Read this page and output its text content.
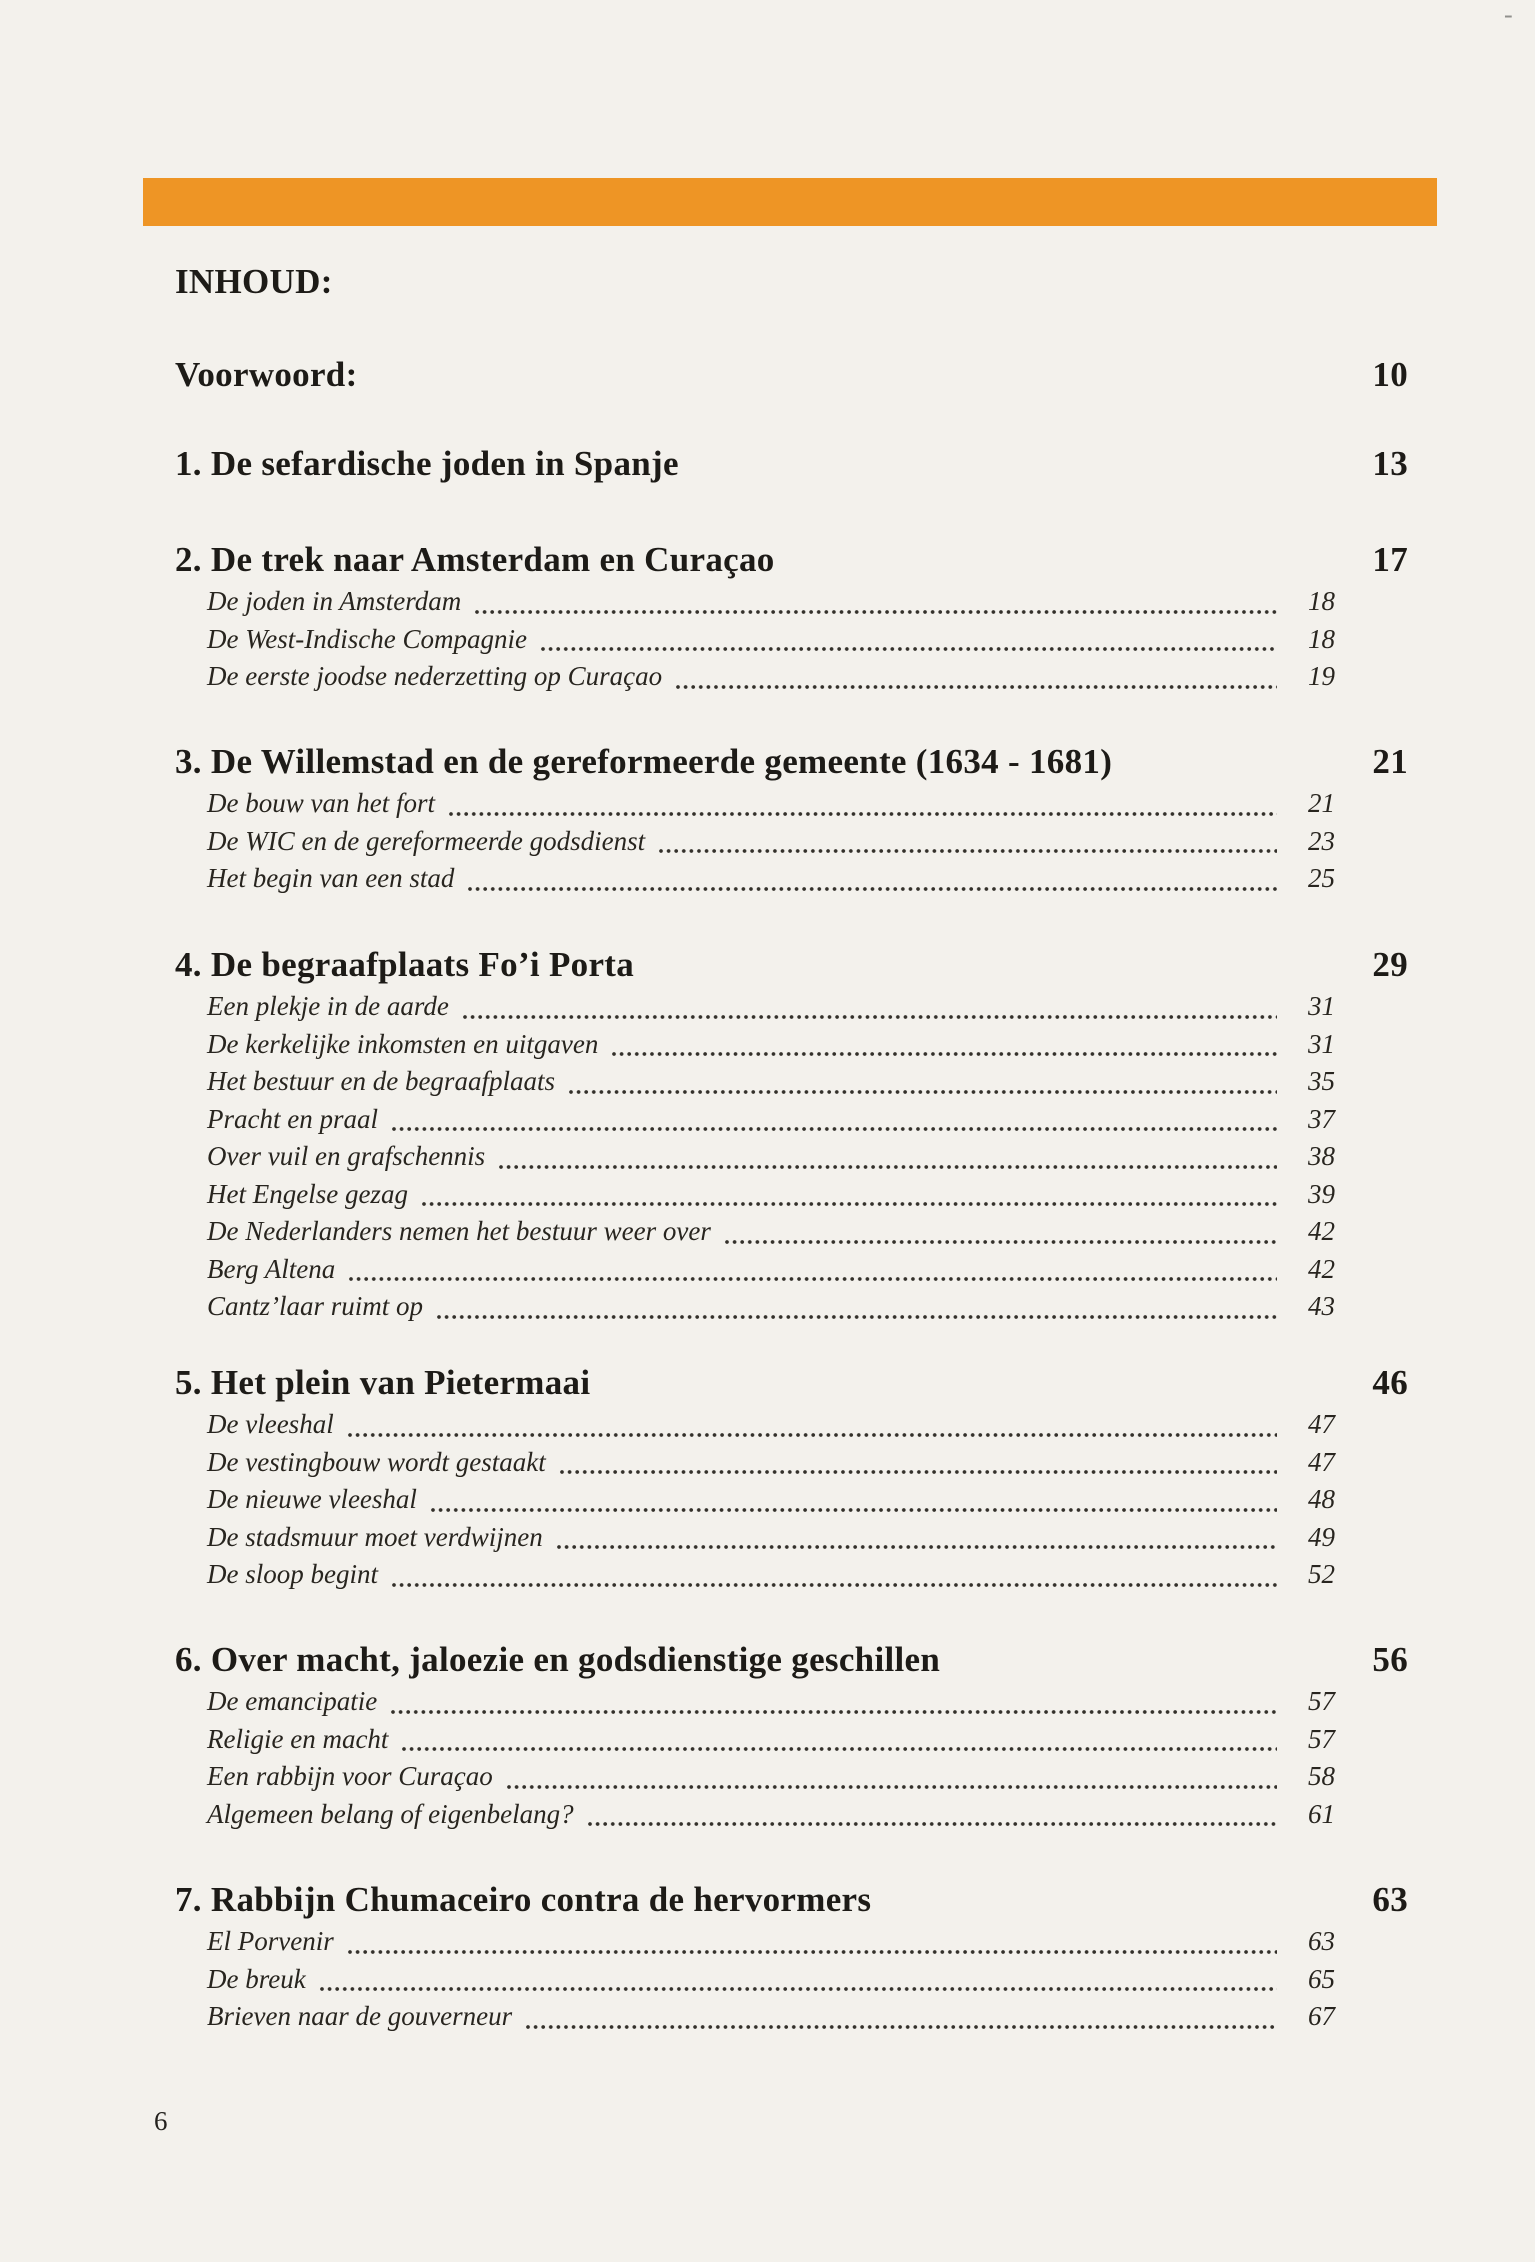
-
INHOUD:
Voorwoord:	10
1. De sefardische joden in Spanje	13
2. De trek naar Amsterdam en Curaçao	17
De joden in Amsterdam	18
De West-Indische Compagnie	18
De eerste joodse nederzetting op Curaçao	19
3. De Willemstad en de gereformeerde gemeente (1634 - 1681)	21
De bouw van het fort	21
De WIC en de gereformeerde godsdienst	23
Het begin van een stad	25
4. De begraafplaats Fo’i Porta	29
Een plekje in de aarde	31
De kerkelijke inkomsten en uitgaven	31
Het bestuur en de begraafplaats	35
Pracht en praal	37
Over vuil en grafschennis	38
Het Engelse gezag	39
De Nederlanders nemen het bestuur weer over	42
Berg Altena	42
Cantz’laar ruimt op	43
5. Het plein van Pietermaai	46
De vleeshal	47
De vestingbouw wordt gestaakt	47
De nieuwe vleeshal	48
De stadsmuur moet verdwijnen	49
De sloop begint	52
6. Over macht, jaloezie en godsdienstige geschillen	56
De emancipatie	57
Religie en macht	57
Een rabbijn voor Curaçao	58
Algemeen belang of eigenbelang?	61
7. Rabbijn Chumaceiro contra de hervormers	63
El Porvenir	63
De breuk	65
Brieven naar de gouverneur	67
6
